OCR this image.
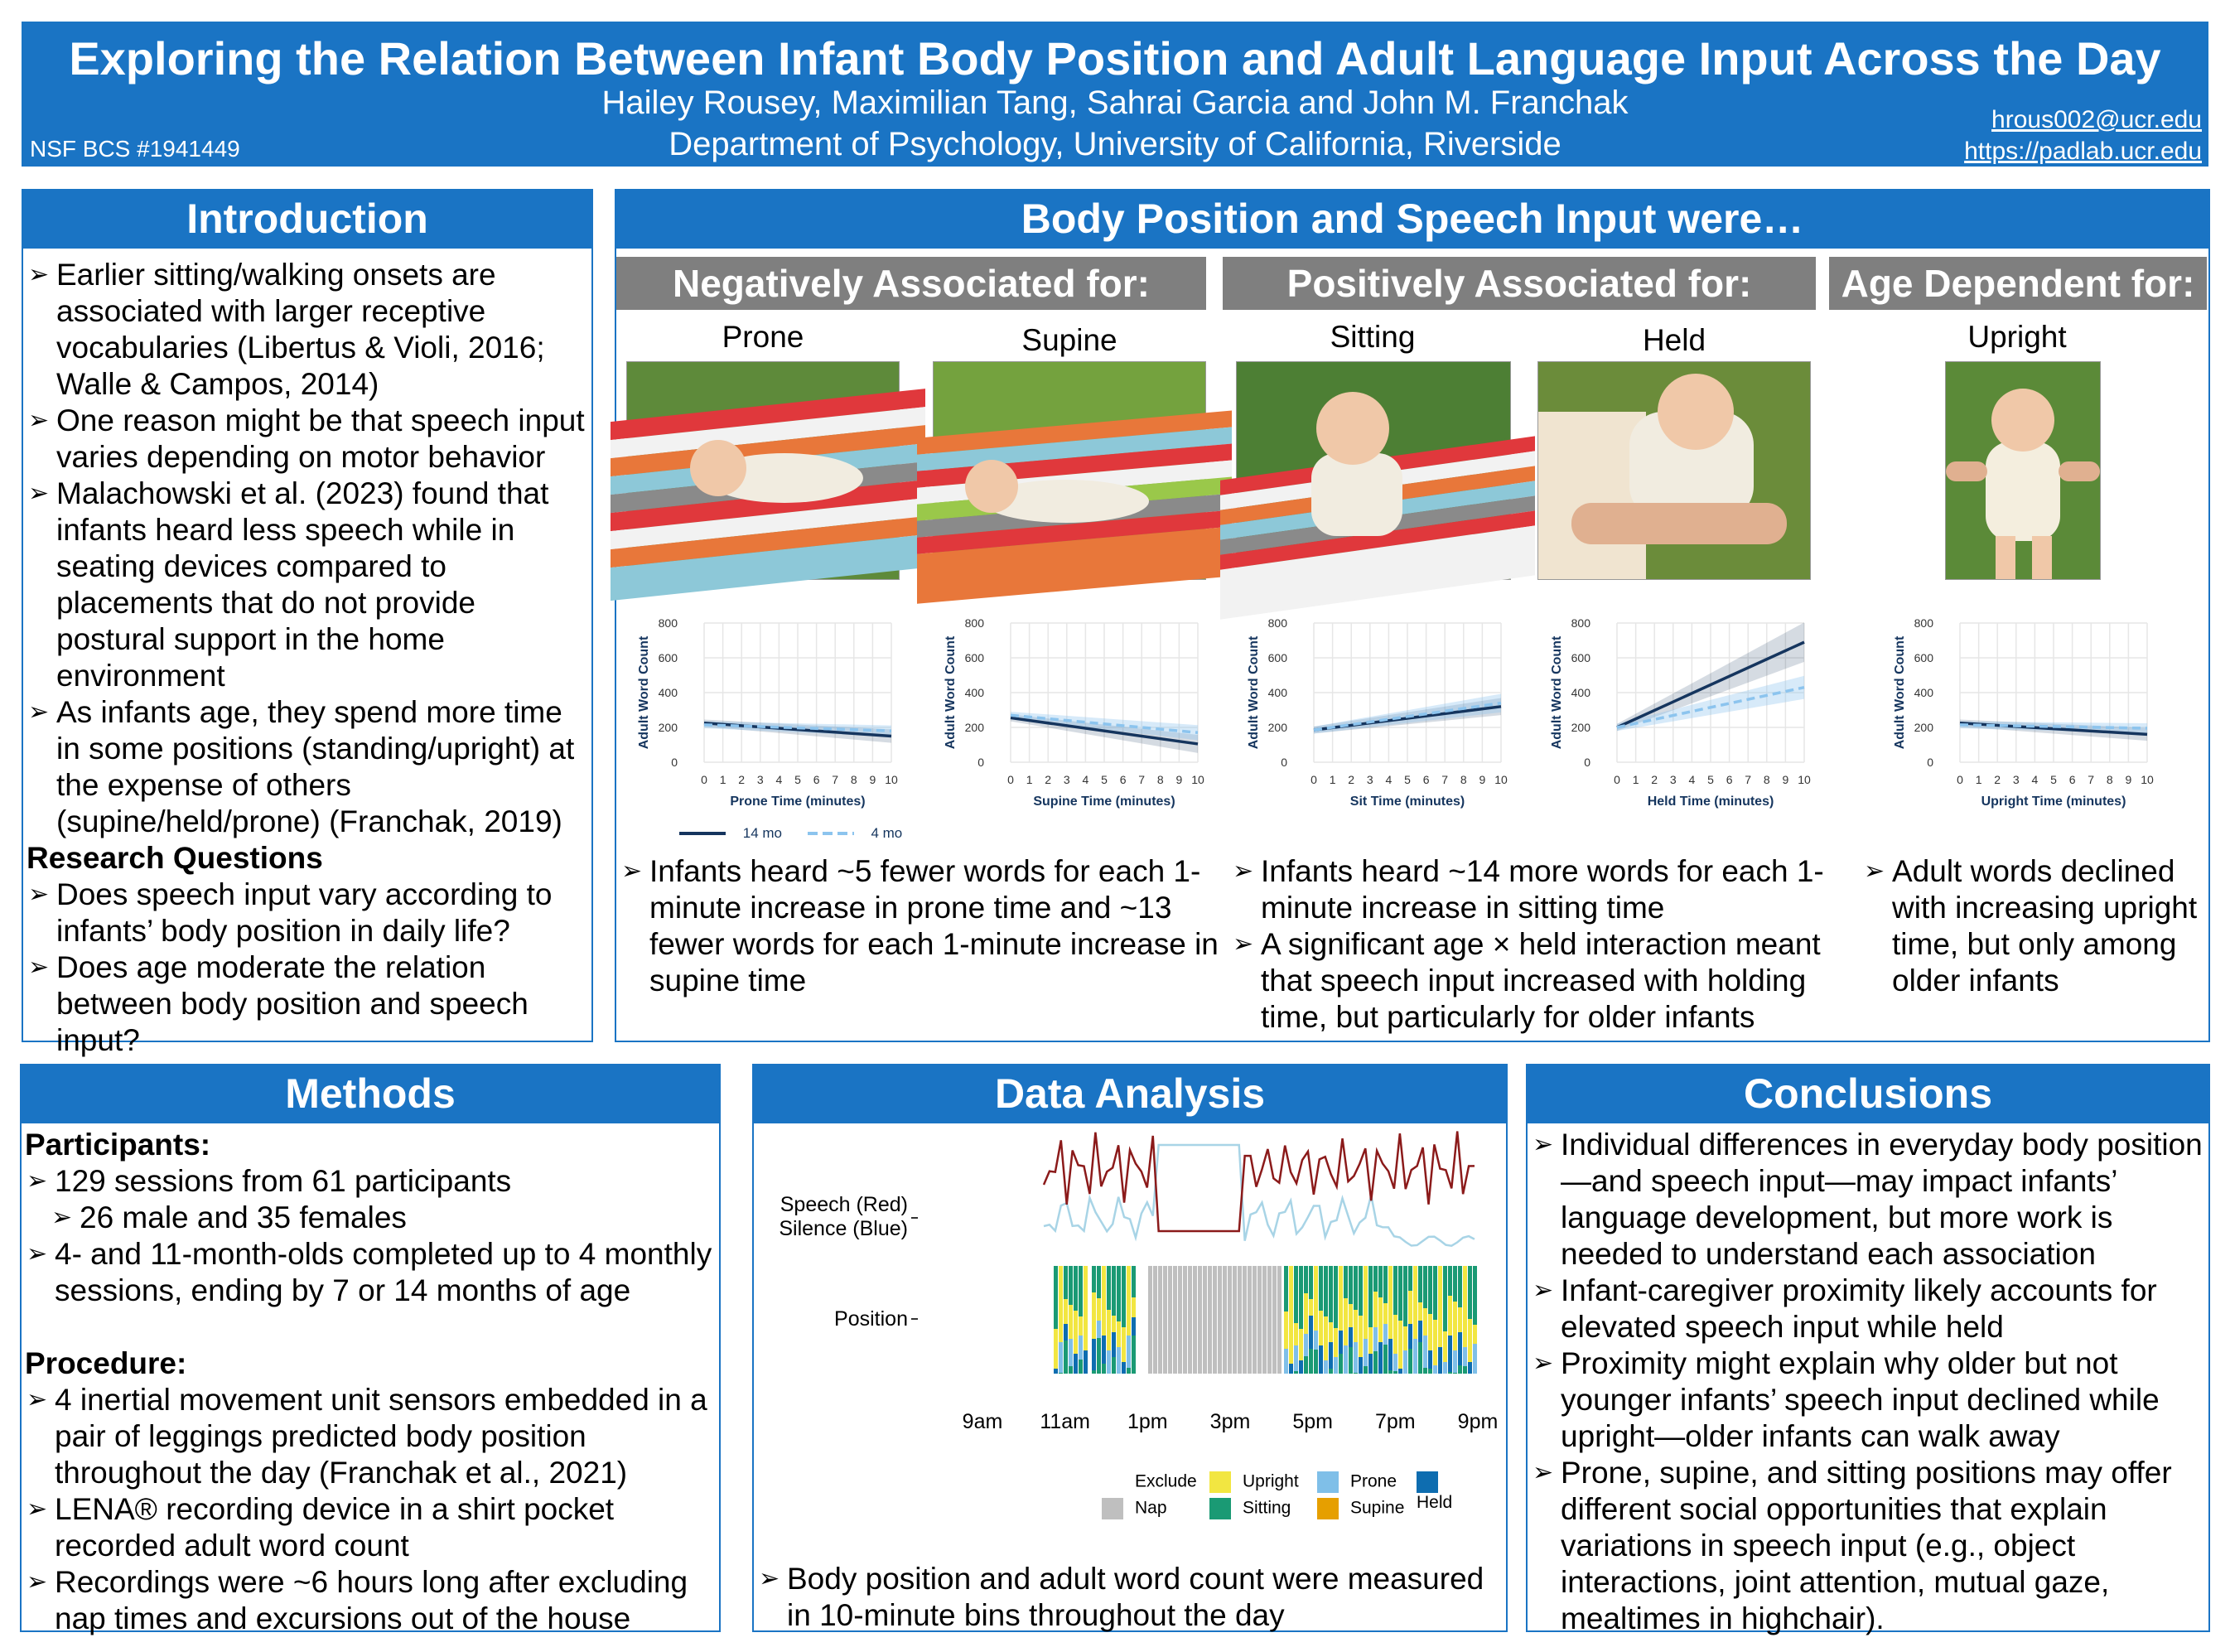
Exploring the Relation Between Infant Body Position and Adult Language Input Across the Day
Hailey Rousey, Maximilian Tang, Sahrai Garcia and John M. Franchak
Department of Psychology, University of California, Riverside
NSF BCS #1941449
hrous002@ucr.edu
https://padlab.ucr.edu
Introduction
➢ Earlier sitting/walking onsets are associated with larger receptive vocabularies (Libertus & Violi, 2016; Walle & Campos, 2014)
➢ One reason might be that speech input varies depending on motor behavior
➢ Malachowski et al. (2023) found that infants heard less speech while in seating devices compared to placements that do not provide postural support in the home environment
➢ As infants age, they spend more time in some positions (standing/upright) at the expense of others (supine/held/prone) (Franchak, 2019)
Research Questions
➢ Does speech input vary according to infants’ body position in daily life?
➢ Does age moderate the relation between body position and speech input?
Body Position and Speech Input were…
Negatively Associated for:	Positively Associated for:	Age Dependent for:
Prone	Supine	Sitting	Held	Upright
0
200
400
600
800
0 1 2 3 4 5 6 7 8 9 10
Prone Time (minutes)
Adult Word Count
0
200
400
600
800
0 1 2 3 4 5 6 7 8 9 10
Supine Time (minutes)
Adult Word Count
0
200
400
600
800
0 1 2 3 4 5 6 7 8 9 10
Sit Time (minutes)
Adult Word Count
0
200
400
600
800
0 1 2 3 4 5 6 7 8 9 10
Held Time (minutes)
Adult Word Count
0
200
400
600
800
0 1 2 3 4 5 6 7 8 9 10
Upright Time (minutes)
Adult Word Count
14 mo	4 mo
➢ Infants heard ~5 fewer words for each 1-minute increase in prone time and ~13 fewer words for each 1-minute increase in supine time
➢ Infants heard ~14 more words for each 1-minute increase in sitting time
➢ A significant age × held interaction meant that speech input increased with holding time, but particularly for older infants
➢ Adult words declined with increasing upright time, but only among older infants
Methods
Participants:
➢ 129 sessions from 61 participants
➢ 26 male and 35 females
➢ 4- and 11-month-olds completed up to 4 monthly sessions, ending by 7 or 14 months of age
Procedure:
➢ 4 inertial movement unit sensors embedded in a pair of leggings predicted body position throughout the day (Franchak et al., 2021)
➢ LENA® recording device in a shirt pocket recorded adult word count
➢ Recordings were ~6 hours long after excluding nap times and excursions out of the house
Data Analysis
Speech (Red)
Silence (Blue)
Position
9am 11am 1pm 3pm 5pm 7pm 9pm
Exclude	Upright	Prone
Held
Nap	Sitting	Supine
➢ Body position and adult word count were measured in 10-minute bins throughout the day
Conclusions
➢ Individual differences in everyday body position—and speech input—may impact infants’ language development, but more work is needed to understand each association
➢ Infant-caregiver proximity likely accounts for elevated speech input while held
➢ Proximity might explain why older but not younger infants’ speech input declined while upright—older infants can walk away
➢ Prone, supine, and sitting positions may offer different social opportunities that explain variations in speech input (e.g., object interactions, joint attention, mutual gaze, mealtimes in highchair).
